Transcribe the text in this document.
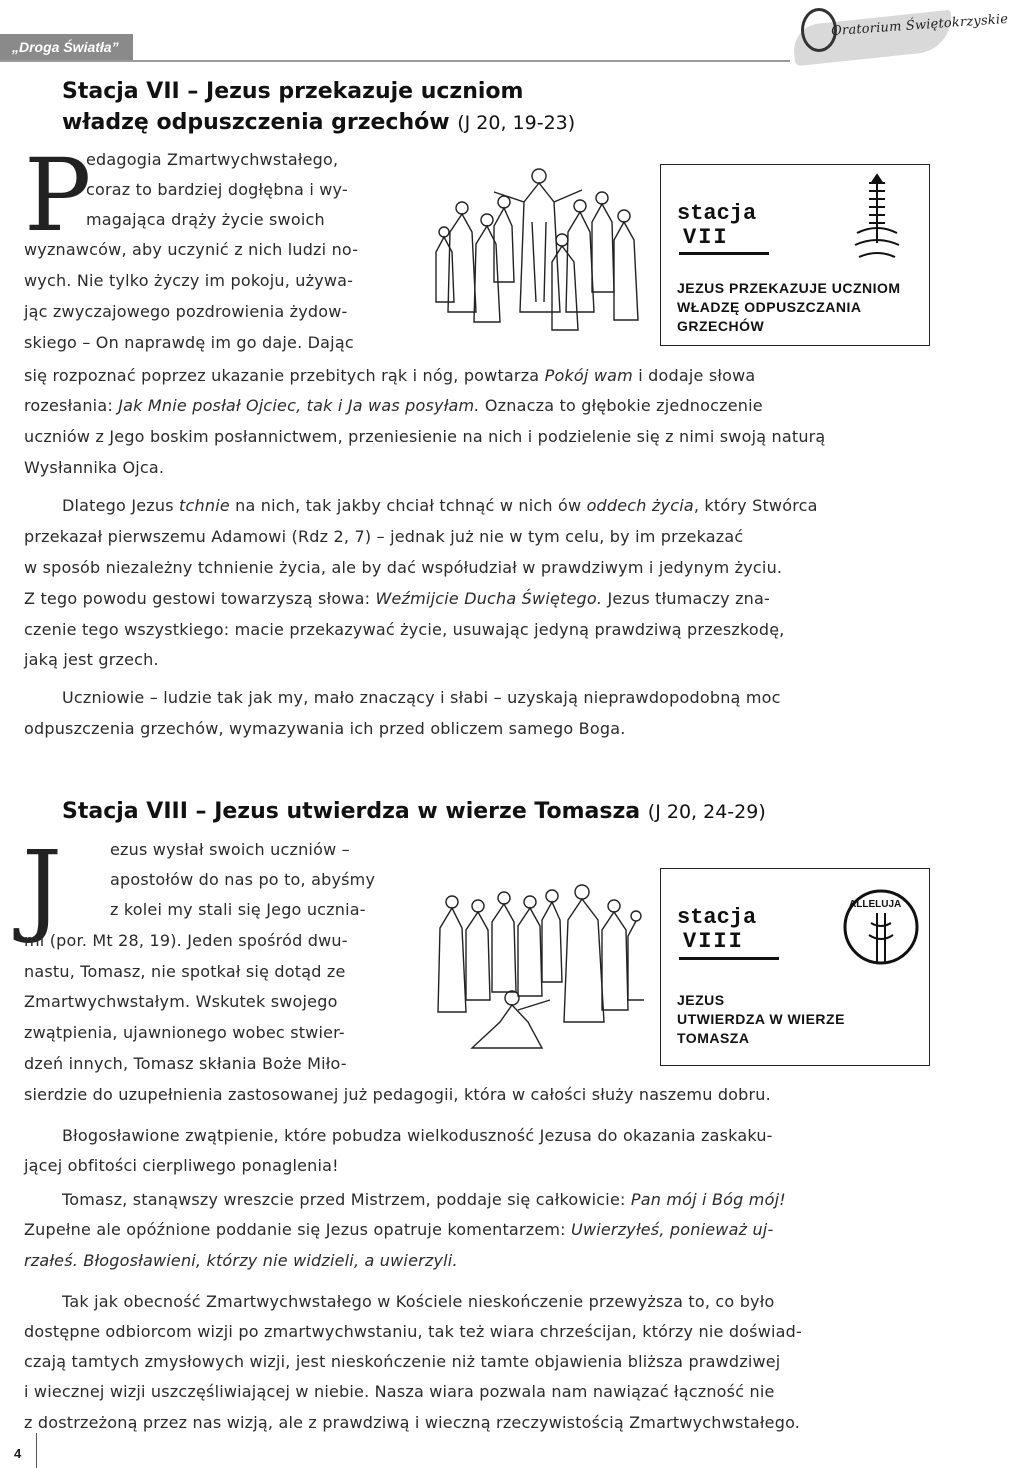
„Droga Światła”
Oratorium Świętokrzyskie
Stacja VII – Jezus przekazuje uczniom
władzę odpuszczenia grzechów (J 20, 19-23)
P
edagogia Zmartwychwstałego,
coraz to bardziej dogłębna i wy-
magająca drąży życie swoich
wyznawców, aby uczynić z nich ludzi no-
wych. Nie tylko życzy im pokoju, używa-
jąc zwyczajowego pozdrowienia żydow-
skiego – On naprawdę im go daje. Dając
się rozpoznać poprzez ukazanie przebitych rąk i nóg, powtarza Pokój wam i dodaje słowa
rozesłania: Jak Mnie posłał Ojciec, tak i Ja was posyłam. Oznacza to głębokie zjednoczenie
uczniów z Jego boskim posłannictwem, przeniesienie na nich i podzielenie się z nimi swoją naturą
Wysłannika Ojca.
Dlatego Jezus tchnie na nich, tak jakby chciał tchnąć w nich ów oddech życia, który Stwórca
przekazał pierwszemu Adamowi (Rdz 2, 7) – jednak już nie w tym celu, by im przekazać
w sposób niezależny tchnienie życia, ale by dać współudział w prawdziwym i jedynym życiu.
Z tego powodu gestowi towarzyszą słowa: Weźmijcie Ducha Świętego. Jezus tłumaczy zna-
czenie tego wszystkiego: macie przekazywać życie, usuwając jedyną prawdziwą przeszkodę,
jaką jest grzech.
Uczniowie – ludzie tak jak my, mało znaczący i słabi – uzyskają nieprawdopodobną moc
odpuszczenia grzechów, wymazywania ich przed obliczem samego Boga.
stacja
VII
JEZUS PRZEKAZUJE UCZNIOM
WŁADZĘ ODPUSZCZANIA
GRZECHÓW
Stacja VIII – Jezus utwierdza w wierze Tomasza (J 20, 24-29)
J	ezus wysłał swoich uczniów –
apostołów do nas po to, abyśmy
z kolei my stali się Jego ucznia-
mi (por. Mt 28, 19). Jeden spośród dwu-
nastu, Tomasz, nie spotkał się dotąd ze
Zmartwychwstałym. Wskutek swojego
zwątpienia, ujawnionego wobec stwier-
dzeń innych, Tomasz skłania Boże Miło-
sierdzie do uzupełnienia zastosowanej już pedagogii, która w całości służy naszemu dobru.
Błogosławione zwątpienie, które pobudza wielkoduszność Jezusa do okazania zaskaku-
jącej obfitości cierpliwego ponaglenia!
Tomasz, stanąwszy wreszcie przed Mistrzem, poddaje się całkowicie: Pan mój i Bóg mój!
Zupełne ale opóźnione poddanie się Jezus opatruje komentarzem: Uwierzyłeś, ponieważ uj-
rzałeś. Błogosławieni, którzy nie widzieli, a uwierzyli.
Tak jak obecność Zmartwychwstałego w Kościele nieskończenie przewyższa to, co było
dostępne odbiorcom wizji po zmartwychwstaniu, tak też wiara chrześcijan, którzy nie doświad-
czają tamtych zmysłowych wizji, jest nieskończenie niż tamte objawienia bliższa prawdziwej
i wiecznej wizji uszczęśliwiającej w niebie. Nasza wiara pozwala nam nawiązać łączność nie
z dostrzeżoną przez nas wizją, ale z prawdziwą i wieczną rzeczywistością Zmartwychwstałego.
stacja
VIII
ALLELUJA
JEZUS
UTWIERDZA W WIERZE
TOMASZA
4
